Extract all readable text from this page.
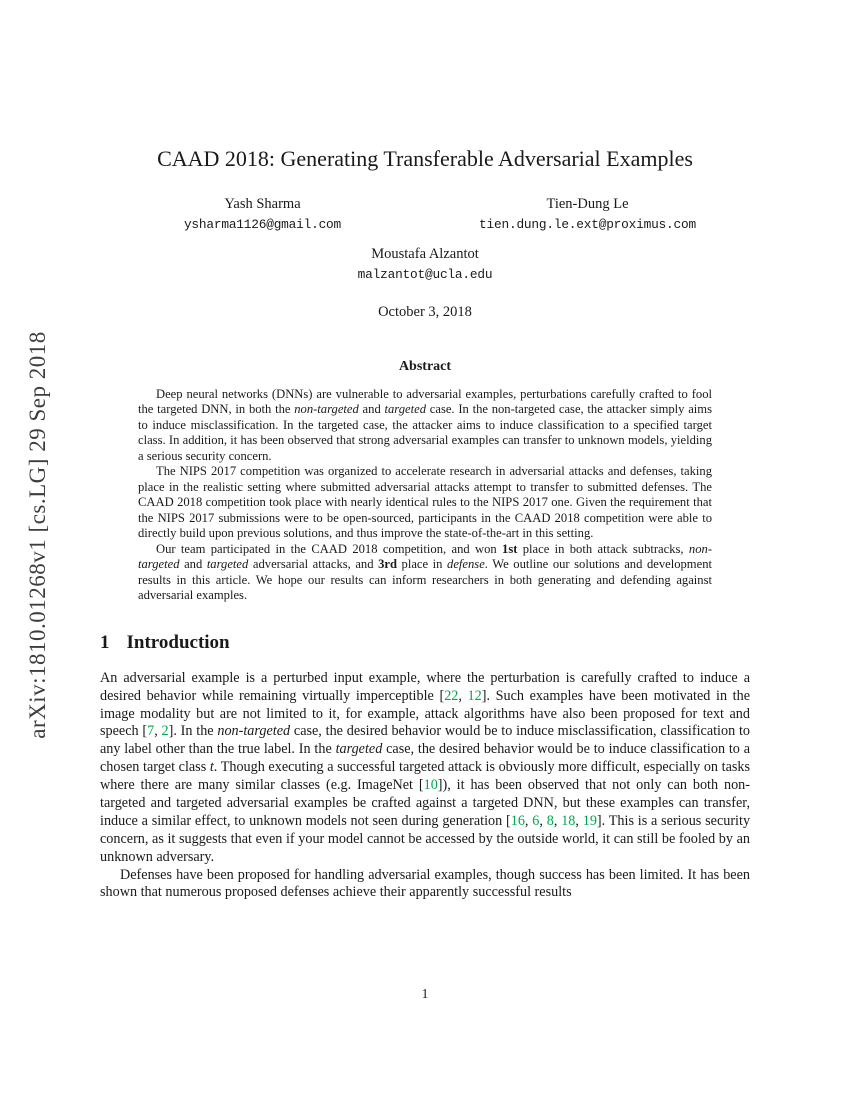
arXiv:1810.01268v1 [cs.LG] 29 Sep 2018
CAAD 2018: Generating Transferable Adversarial Examples
Yash Sharma
ysharma1126@gmail.com
Tien-Dung Le
tien.dung.le.ext@proximus.com
Moustafa Alzantot
malzantot@ucla.edu
October 3, 2018
Abstract

Deep neural networks (DNNs) are vulnerable to adversarial examples, perturbations carefully crafted to fool the targeted DNN, in both the non-targeted and targeted case. In the non-targeted case, the attacker simply aims to induce misclassification. In the targeted case, the attacker aims to induce classification to a specified target class. In addition, it has been observed that strong adversarial examples can transfer to unknown models, yielding a serious security concern.

The NIPS 2017 competition was organized to accelerate research in adversarial attacks and defenses, taking place in the realistic setting where submitted adversarial attacks attempt to transfer to submitted defenses. The CAAD 2018 competition took place with nearly identical rules to the NIPS 2017 one. Given the requirement that the NIPS 2017 submissions were to be open-sourced, participants in the CAAD 2018 competition were able to directly build upon previous solutions, and thus improve the state-of-the-art in this setting.

Our team participated in the CAAD 2018 competition, and won 1st place in both attack subtracks, non-targeted and targeted adversarial attacks, and 3rd place in defense. We outline our solutions and development results in this article. We hope our results can inform researchers in both generating and defending against adversarial examples.

1 Introduction

An adversarial example is a perturbed input example, where the perturbation is carefully crafted to induce a desired behavior while remaining virtually imperceptible [22, 12]. Such examples have been motivated in the image modality but are not limited to it, for example, attack algorithms have also been proposed for text and speech [7, 2]. In the non-targeted case, the desired behavior would be to induce misclassification, classification to any label other than the true label. In the targeted case, the desired behavior would be to induce classification to a chosen target class t. Though executing a successful targeted attack is obviously more difficult, especially on tasks where there are many similar classes (e.g. ImageNet [10]), it has been observed that not only can both non-targeted and targeted adversarial examples be crafted against a targeted DNN, but these examples can transfer, induce a similar effect, to unknown models not seen during generation [16, 6, 8, 18, 19]. This is a serious security concern, as it suggests that even if your model cannot be accessed by the outside world, it can still be fooled by an unknown adversary.

Defenses have been proposed for handling adversarial examples, though success has been limited. It has been shown that numerous proposed defenses achieve their apparently successful results

1
